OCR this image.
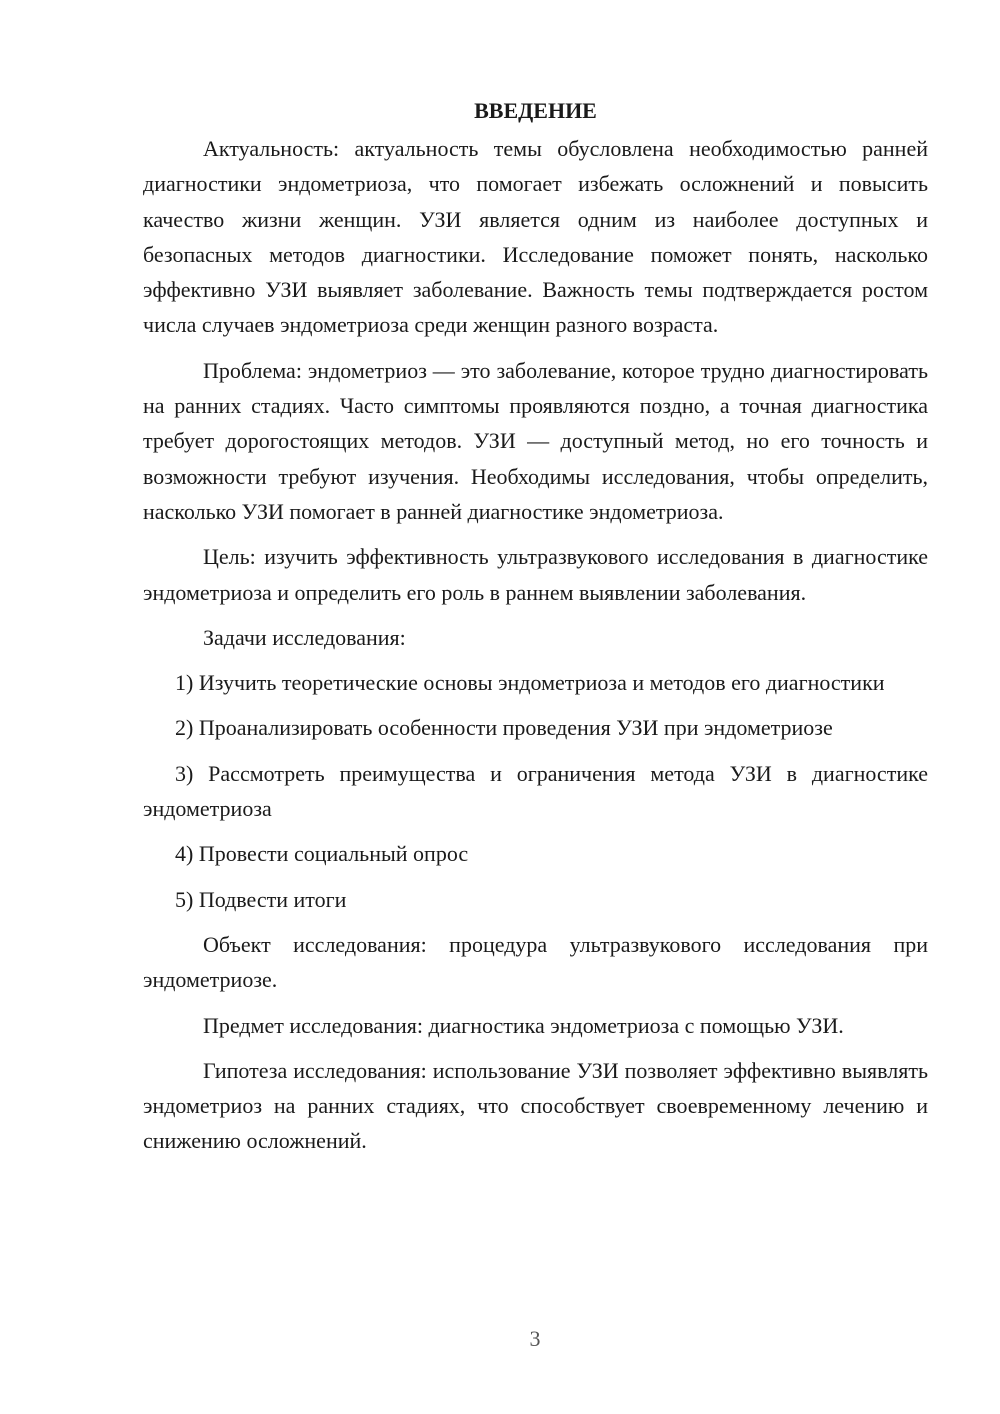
ВВЕДЕНИЕ

Актуальность: актуальность темы обусловлена необходимостью ранней диагностики эндометриоза, что помогает избежать осложнений и повысить качество жизни женщин. УЗИ является одним из наиболее доступных и безопасных методов диагностики. Исследование поможет понять, насколько эффективно УЗИ выявляет заболевание. Важность темы подтверждается ростом числа случаев эндометриоза среди женщин разного возраста.

Проблема: эндометриоз — это заболевание, которое трудно диагностировать на ранних стадиях. Часто симптомы проявляются поздно, а точная диагностика требует дорогостоящих методов. УЗИ — доступный метод, но его точность и возможности требуют изучения. Необходимы исследования, чтобы определить, насколько УЗИ помогает в ранней диагностике эндометриоза.

Цель: изучить эффективность ультразвукового исследования в диагностике эндометриоза и определить его роль в раннем выявлении заболевания.

Задачи исследования:

1) Изучить теоретические основы эндометриоза и методов его диагностики

2) Проанализировать особенности проведения УЗИ при эндометриозе

3) Рассмотреть преимущества и ограничения метода УЗИ в диагностике эндометриоза

4) Провести социальный опрос

5) Подвести итоги

Объект исследования: процедура ультразвукового исследования при эндометриозе.

Предмет исследования: диагностика эндометриоза с помощью УЗИ.

Гипотеза исследования: использование УЗИ позволяет эффективно выявлять эндометриоз на ранних стадиях, что способствует своевременному лечению и снижению осложнений.

3
